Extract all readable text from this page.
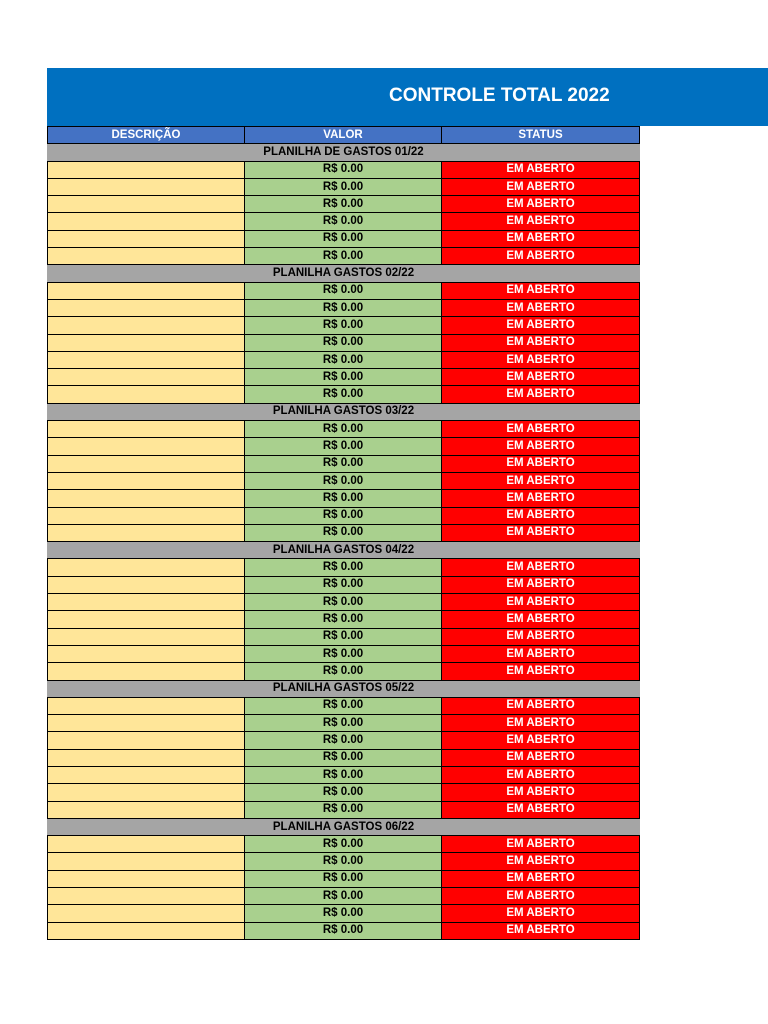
CONTROLE TOTAL 2022
DESCRIÇÃO	VALOR	STATUS
PLANILHA DE GASTOS 01/22		
	R$ 0.00	EM ABERTO
	R$ 0.00	EM ABERTO
	R$ 0.00	EM ABERTO
	R$ 0.00	EM ABERTO
	R$ 0.00	EM ABERTO
	R$ 0.00	EM ABERTO
PLANILHA GASTOS 02/22		
	R$ 0.00	EM ABERTO
	R$ 0.00	EM ABERTO
	R$ 0.00	EM ABERTO
	R$ 0.00	EM ABERTO
	R$ 0.00	EM ABERTO
	R$ 0.00	EM ABERTO
	R$ 0.00	EM ABERTO
PLANILHA GASTOS 03/22		
	R$ 0.00	EM ABERTO
	R$ 0.00	EM ABERTO
	R$ 0.00	EM ABERTO
	R$ 0.00	EM ABERTO
	R$ 0.00	EM ABERTO
	R$ 0.00	EM ABERTO
	R$ 0.00	EM ABERTO
PLANILHA GASTOS 04/22		
	R$ 0.00	EM ABERTO
	R$ 0.00	EM ABERTO
	R$ 0.00	EM ABERTO
	R$ 0.00	EM ABERTO
	R$ 0.00	EM ABERTO
	R$ 0.00	EM ABERTO
	R$ 0.00	EM ABERTO
PLANILHA GASTOS 05/22		
	R$ 0.00	EM ABERTO
	R$ 0.00	EM ABERTO
	R$ 0.00	EM ABERTO
	R$ 0.00	EM ABERTO
	R$ 0.00	EM ABERTO
	R$ 0.00	EM ABERTO
	R$ 0.00	EM ABERTO
PLANILHA GASTOS 06/22		
	R$ 0.00	EM ABERTO
	R$ 0.00	EM ABERTO
	R$ 0.00	EM ABERTO
	R$ 0.00	EM ABERTO
	R$ 0.00	EM ABERTO
	R$ 0.00	EM ABERTO
